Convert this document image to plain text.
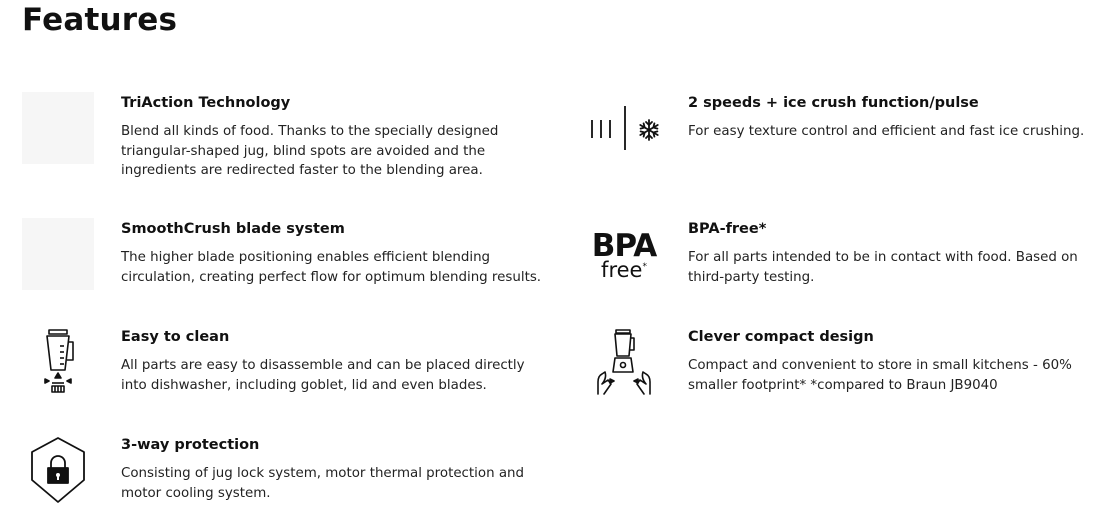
Features
TriAction Technology
Blend all kinds of food. Thanks to the specially designed triangular-shaped jug, blind spots are avoided and the ingredients are redirected faster to the blending area.
2 speeds + ice crush function/pulse
For easy texture control and efficient and fast ice crushing.
SmoothCrush blade system
The higher blade positioning enables efficient blending circulation, creating perfect flow for optimum blending results.
BPA
free*
BPA-free*
For all parts intended to be in contact with food. Based on third-party testing.
Easy to clean
All parts are easy to disassemble and can be placed directly into dishwasher, including goblet, lid and even blades.
Clever compact design
Compact and convenient to store in small kitchens - 60% smaller footprint* *compared to Braun JB9040
3-way protection
Consisting of jug lock system, motor thermal protection and motor cooling system.
